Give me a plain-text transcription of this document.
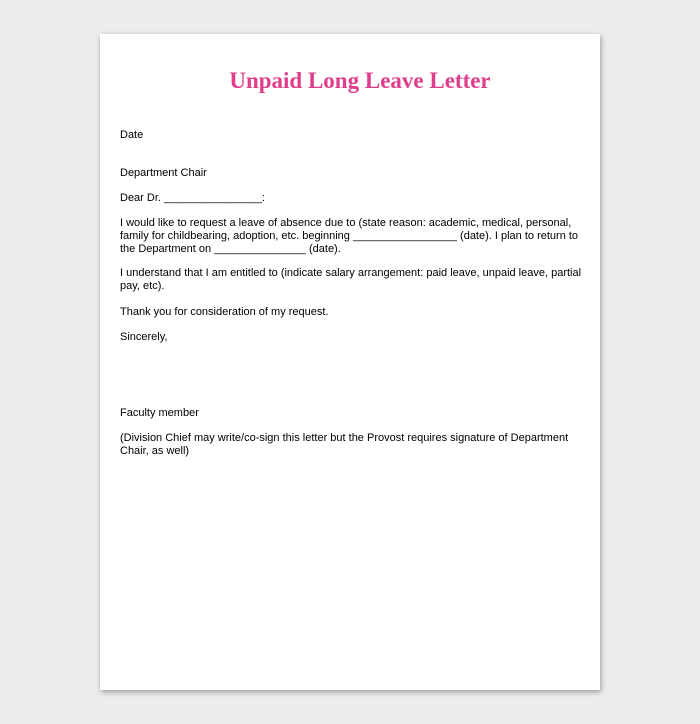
Unpaid Long Leave Letter

Date

Department Chair

Dear Dr. ________________:

I would like to request a leave of absence due to (state reason: academic, medical, personal, family for childbearing, adoption, etc. beginning _________________ (date). I plan to return to the Department on _______________ (date).

I understand that I am entitled to (indicate salary arrangement: paid leave, unpaid leave, partial pay, etc).

Thank you for consideration of my request.

Sincerely,

Faculty member

(Division Chief may write/co-sign this letter but the Provost requires signature of Department Chair, as well)
